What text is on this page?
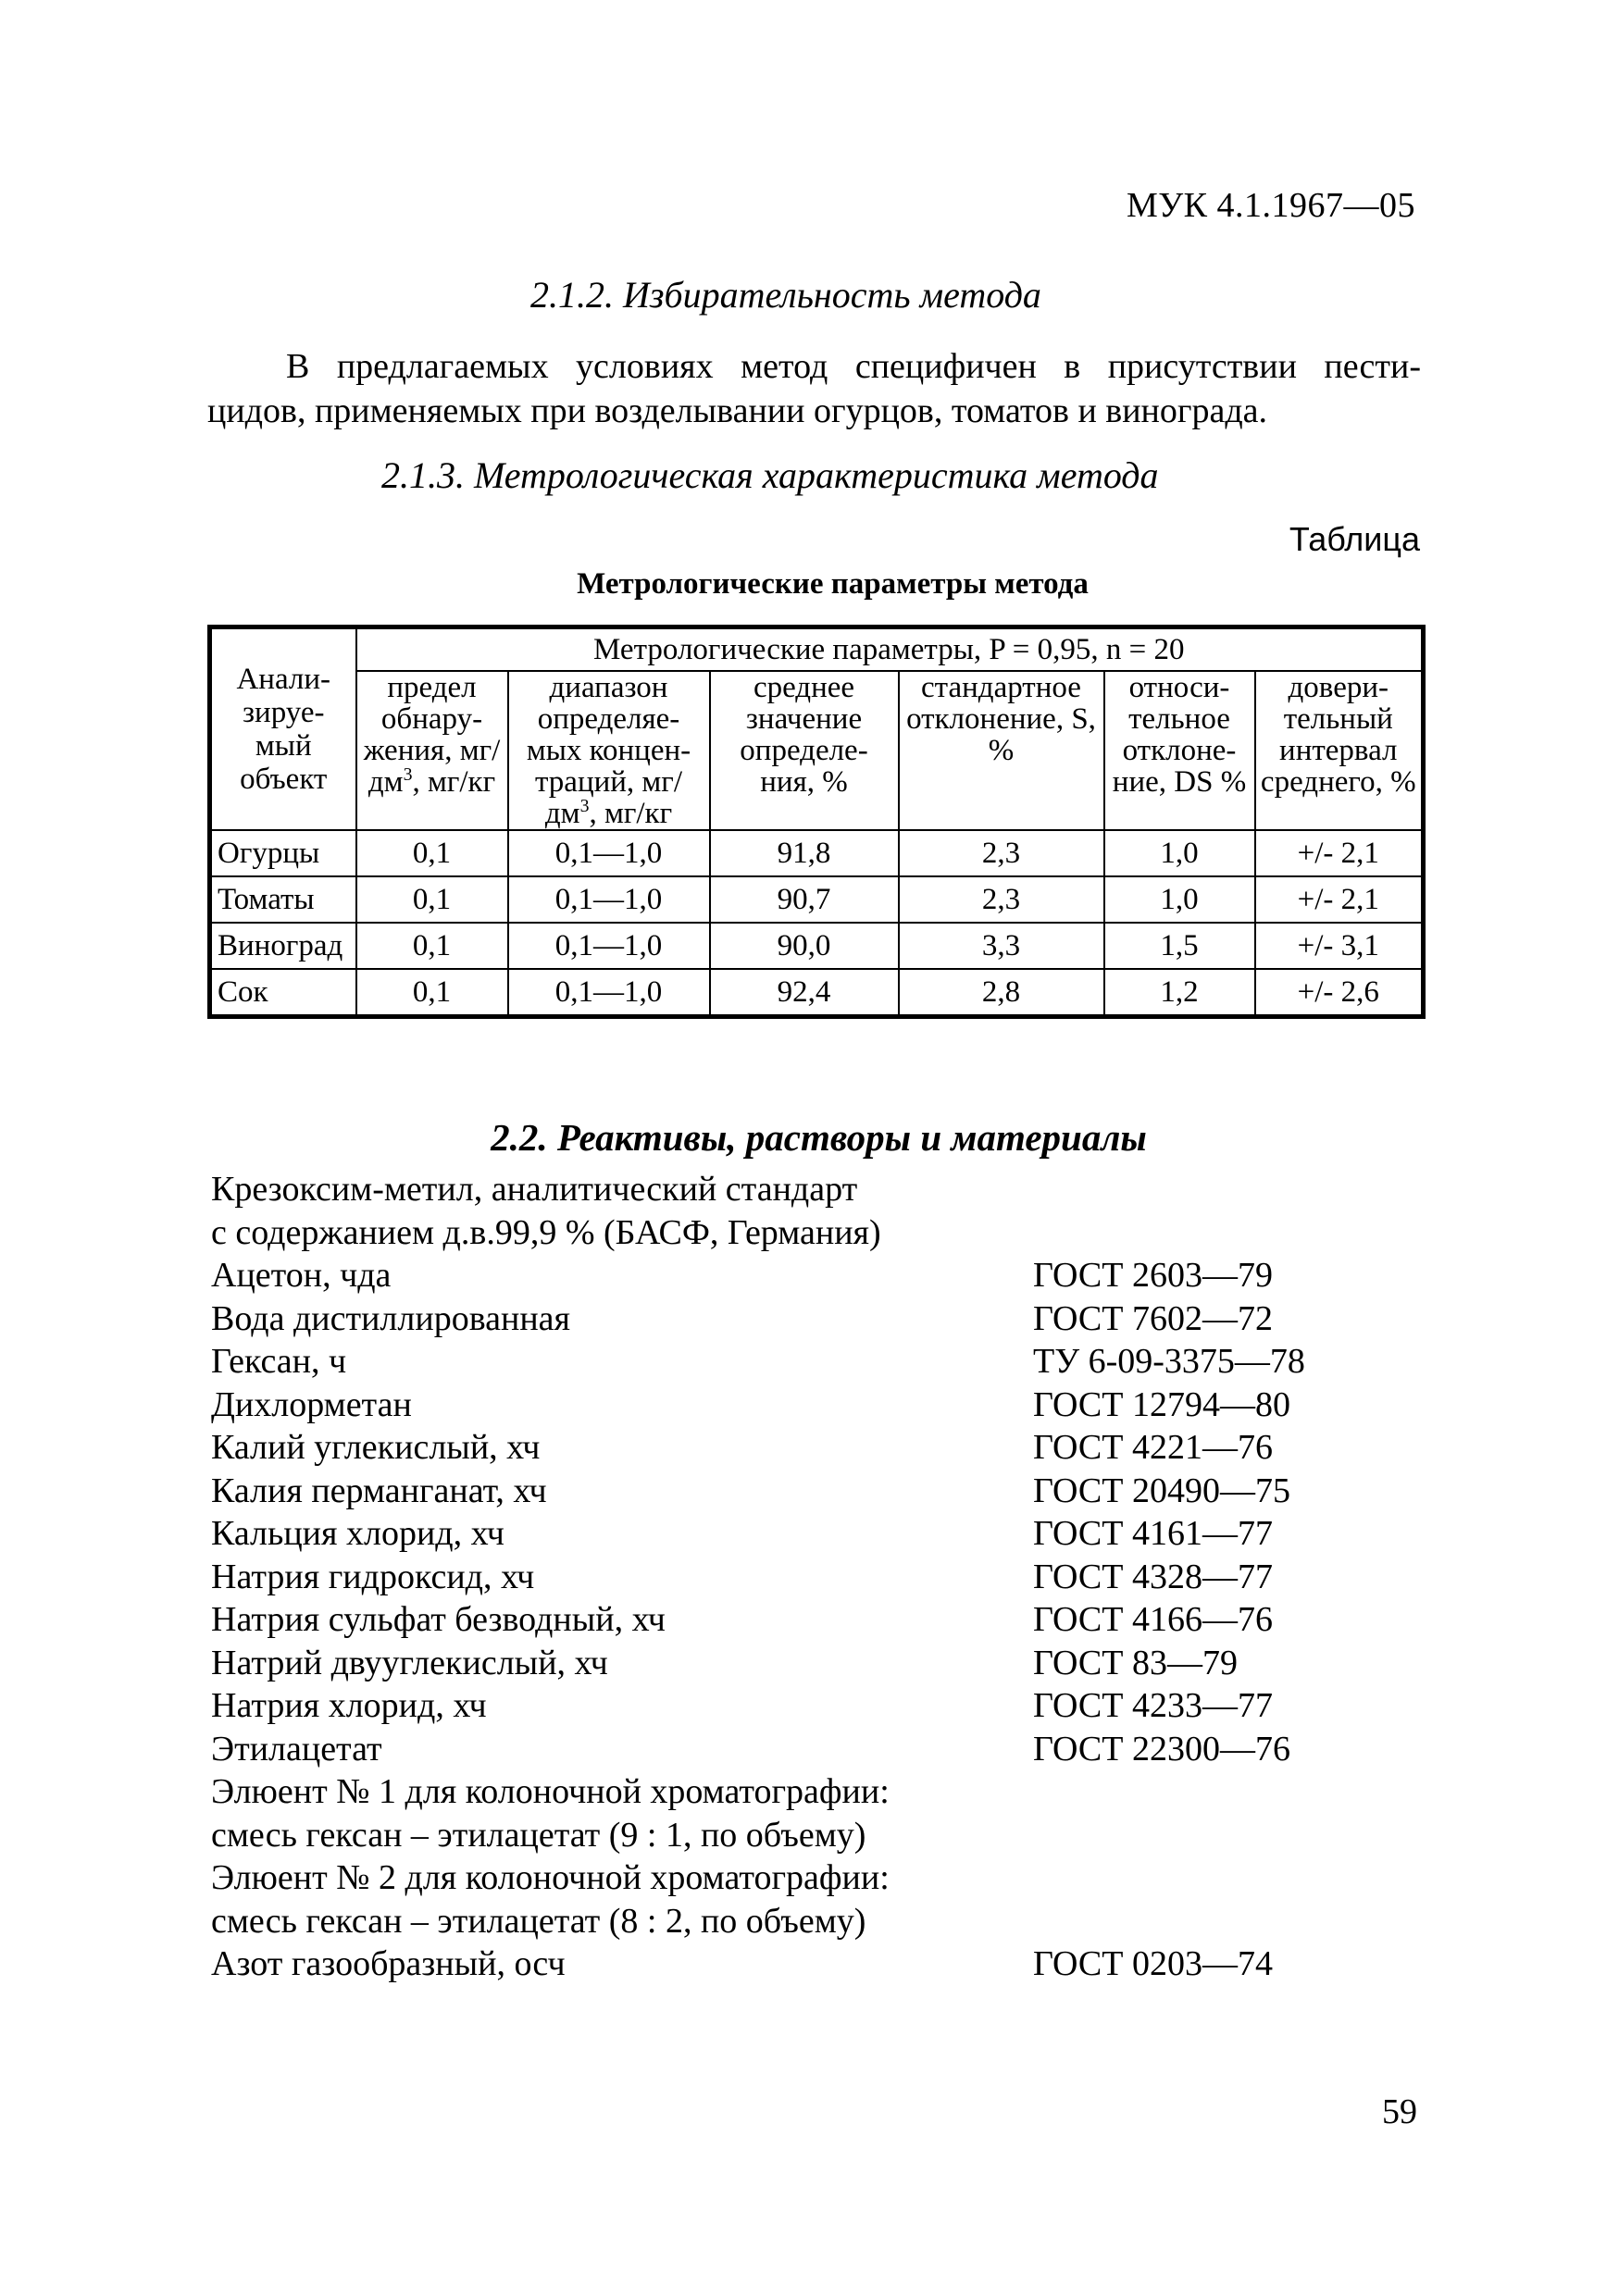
МУК 4.1.1967—05
2.1.2. Избирательность метода
В предлагаемых условиях метод специфичен в присутствии пести-
цидов, применяемых при возделывании огурцов, томатов и винограда.
2.1.3. Метрологическая характеристика метода
Таблица
Метрологические параметры метода
Анали-зируе-мый объект	Метрологические параметры, P = 0,95, n = 20					
	предел обнару-жения, $мг/дм^3$, мг/кг	диапазон определяе-мых концен-траций, $мг/дм^3$, мг/кг	среднее значение определе-ния, %	стандартное отклонение, S, %	относи-тельное отклоне-ние, DS %	довери-тельный интервал среднего, %
Огурцы	0,1	0,1—1,0	91,8	2,3	1,0	+/- 2,1
Томаты	0,1	0,1—1,0	90,7	2,3	1,0	+/- 2,1
Виноград	0,1	0,1—1,0	90,0	3,3	1,5	+/- 3,1
Сок	0,1	0,1—1,0	92,4	2,8	1,2	+/- 2,6
2.2. Реактивы, растворы и материалы
Крезоксим-метил, аналитический стандарт
с содержанием д.в.99,9 % (БАСФ, Германия)
Ацетон, чда	ГОСТ 2603—79
Вода дистиллированная	ГОСТ 7602—72
Гексан, ч	ТУ 6-09-3375—78
Дихлорметан	ГОСТ 12794—80
Калий углекислый, хч	ГОСТ 4221—76
Калия перманганат, хч	ГОСТ 20490—75
Кальция хлорид, хч	ГОСТ 4161—77
Натрия гидроксид, хч	ГОСТ 4328—77
Натрия сульфат безводный, хч	ГОСТ 4166—76
Натрий двууглекислый, хч	ГОСТ 83—79
Натрия хлорид, хч	ГОСТ 4233—77
Этилацетат	ГОСТ 22300—76
Элюент № 1 для колоночной хроматографии:
смесь гексан – этилацетат (9 : 1, по объему)
Элюент № 2 для колоночной хроматографии:
смесь гексан – этилацетат (8 : 2, по объему)
Азот газообразный, осч	ГОСТ 0203—74
59
